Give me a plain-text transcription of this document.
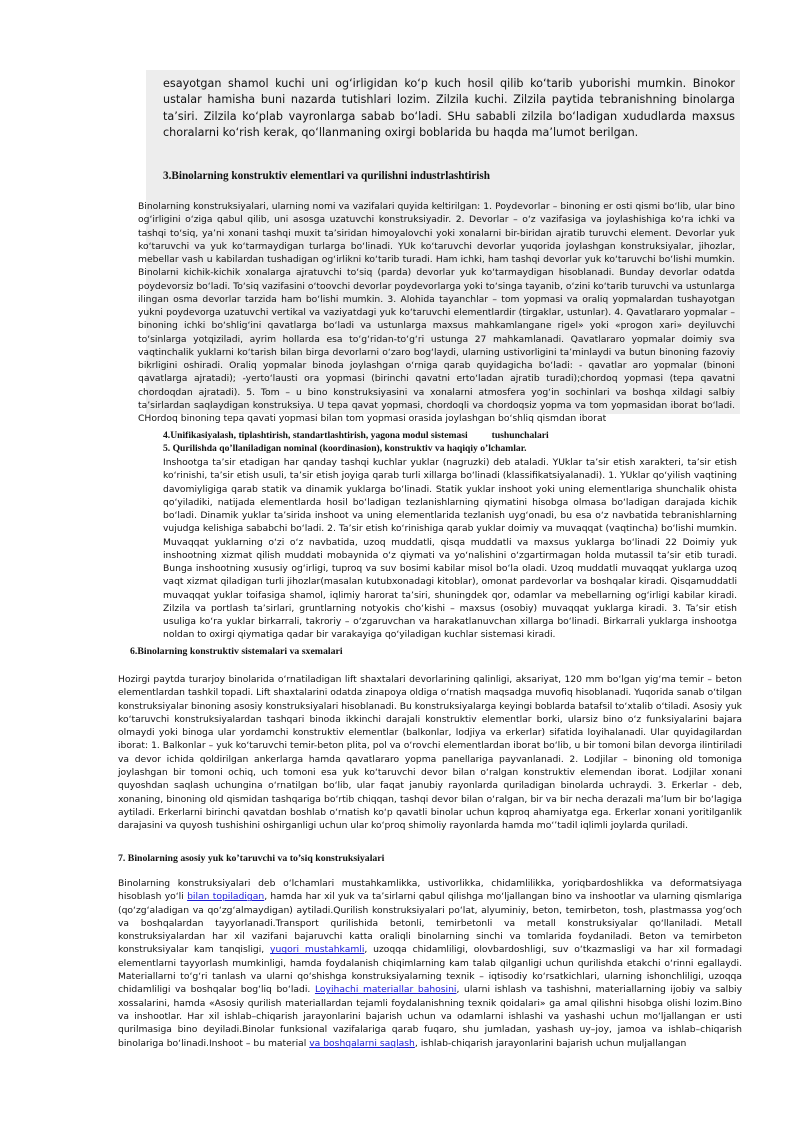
esayotgan shamol kuchi uni og‘irligidan ko‘p kuch hosil qilib ko‘tarib yuborishi mumkin. Binokor ustalar hamisha buni nazarda tutishlari lozim. Zilzila kuchi. Zilzila paytida tebranishning binolarga ta’siri. Zilzila ko‘plab vayronlarga sabab bo‘ladi. SHu sababli zilzila bo‘ladigan xududlarda maxsus choralarni ko‘rish kerak, qo‘llanmaning oxirgi boblarida bu haqda ma’lumot berilgan.

3.Binolarning konstruktiv elementlari va qurilishni industrlashtirish

Binolarning konstruksiyalari, ularning nomi va vazifalari quyida keltirilgan: 1. Poydevorlar – binoning er osti qismi bo‘lib, ular bino og‘irligini o‘ziga qabul qilib, uni asosga uzatuvchi konstruksiyadir. 2. Devorlar – o‘z vazifasiga va joylashishiga ko‘ra ichki va tashqi to‘siq, ya’ni xonani tashqi muxit ta’siridan himoyalovchi yoki xonalarni bir-biridan ajratib turuvchi element. Devorlar yuk ko‘taruvchi va yuk ko‘tarmaydigan turlarga bo‘linadi. YUk ko‘taruvchi devorlar yuqorida joylashgan konstruksiyalar, jihozlar, mebellar vash u kabilardan tushadigan og‘irlikni ko‘tarib turadi. Ham ichki, ham tashqi devorlar yuk ko‘taruvchi bo‘lishi mumkin. Binolarni kichik-kichik xonalarga ajratuvchi to‘siq (parda) devorlar yuk ko‘tarmaydigan hisoblanadi. Bunday devorlar odatda poydevorsiz bo‘ladi. To‘siq vazifasini o‘toovchi devorlar poydevorlarga yoki to‘singa tayanib, o‘zini ko‘tarib turuvchi va ustunlarga ilingan osma devorlar tarzida ham bo‘lishi mumkin. 3. Alohida tayanchlar – tom yopmasi va oraliq yopmalardan tushayotgan yukni poydevorga uzatuvchi vertikal va vaziyatdagi yuk ko‘taruvchi elementlardir (tirgaklar, ustunlar). 4. Qavatlararo yopmalar – binoning ichki bo‘shlig‘ini qavatlarga bo‘ladi va ustunlarga maxsus mahkamlangane rigel» yoki «progon xari» deyiluvchi to‘sinlarga yotqiziladi, ayrim hollarda esa to‘g‘ridan-to‘g‘ri ustunga 27 mahkamlanadi. Qavatlararo yopmalar doimiy sva vaqtinchalik yuklarni ko‘tarish bilan birga devorlarni o‘zaro bog‘laydi, ularning ustivorligini ta’minlaydi va butun binoning fazoviy bikrligini oshiradi. Oraliq yopmalar binoda joylashgan o‘rniga qarab quyidagicha bo‘ladi: - qavatlar aro yopmalar (binoni qavatlarga ajratadi); -yerto‘lausti ora yopmasi (birinchi qavatni erto‘ladan ajratib turadi);chordoq yopmasi (tepa qavatni chordoqdan ajratadi). 5. Tom – u bino konstruksiyasini va xonalarni atmosfera yog‘in sochinlari va boshqa xildagi salbiy ta’sirlardan saqlaydigan konstruksiya. U tepa qavat yopmasi, chordoqli va chordoqsiz yopma va tom yopmasidan iborat bo‘ladi. CHordoq binoning tepa qavati yopmasi bilan tom yopmasi orasida joylashgan bo‘shliq qismdan iborat

4.Unifikasiyalash, tiplashtirish, standartlashtirish, yagona modul sistemasi          tushunchalari

5. Qurilishda qo’llaniladigan nominal (koordinasion), konstruktiv va haqiqiy o’lchamlar.

Inshootga ta’sir etadigan har qanday tashqi kuchlar yuklar (nagruzki) deb ataladi. YUklar ta’sir etish xarakteri, ta’sir etish ko‘rinishi, ta’sir etish usuli, ta’sir etish joyiga qarab turli xillarga bo‘linadi (klassifikatsiyalanadi). 1. YUklar qo‘yilish vaqtining davomiyligiga qarab statik va dinamik yuklarga bo‘linadi. Statik yuklar inshoot yoki uning elementlariga shunchalik ohista qo‘yiladiki, natijada elementlarda hosil bo‘ladigan tezlanishlarning qiymatini hisobga olmasa bo‘ladigan darajada kichik bo‘ladi. Dinamik yuklar ta’sirida inshoot va uning elementlarida tezlanish uyg‘onadi, bu esa o‘z navbatida tebranishlarning vujudga kelishiga sababchi bo‘ladi. 2. Ta’sir etish ko‘rinishiga qarab yuklar doimiy va muvaqqat (vaqtincha) bo‘lishi mumkin. Muvaqqat yuklarning o‘zi o‘z navbatida, uzoq muddatli, qisqa muddatli va maxsus yuklarga bo‘linadi 22 Doimiy yuk inshootning xizmat qilish muddati mobaynida o‘z qiymati va yo‘nalishini o‘zgartirmagan holda mutassil ta’sir etib turadi. Bunga inshootning xususiy og‘irligi, tuproq va suv bosimi kabilar misol bo‘la oladi. Uzoq muddatli muvaqqat yuklarga uzoq vaqt xizmat qiladigan turli jihozlar(masalan kutubxonadagi kitoblar), omonat pardevorlar va boshqalar kiradi. Qisqamuddatli muvaqqat yuklar toifasiga shamol, iqlimiy harorat ta’siri, shuningdek qor, odamlar va mebellarning og‘irligi kabilar kiradi. Zilzila va portlash ta’sirlari, gruntlarning notyokis cho‘kishi – maxsus (osobiy) muvaqqat yuklarga kiradi. 3. Ta’sir etish usuliga ko‘ra yuklar birkarrali, takroriy – o‘zgaruvchan va harakatlanuvchan xillarga bo‘linadi. Birkarrali yuklarga inshootga noldan to oxirgi qiymatiga qadar bir varakayiga qo‘yiladigan kuchlar sistemasi kiradi.

6.Binolarning konstruktiv sistemalari va sxemalari

Hozirgi paytda turarjoy binolarida o‘rnatiladigan lift shaxtalari devorlarining qalinligi, aksariyat, 120 mm bo‘lgan yig‘ma temir – beton elementlardan tashkil topadi. Lift shaxtalarini odatda zinapoya oldiga o‘rnatish maqsadga muvofiq hisoblanadi. Yuqorida sanab o‘tilgan konstruksiyalar binoning asosiy konstruksiyalari hisoblanadi. Bu konstruksiyalarga keyingi boblarda batafsil to‘xtalib o‘tiladi. Asosiy yuk ko‘taruvchi konstruksiyalardan tashqari binoda ikkinchi darajali konstruktiv elementlar borki, ularsiz bino o‘z funksiyalarini bajara olmaydi yoki binoga ular yordamchi konstruktiv elementlar (balkonlar, lodjiya va erkerlar) sifatida loyihalanadi. Ular quyidagilardan iborat: 1. Balkonlar – yuk ko‘taruvchi temir-beton plita, pol va o‘rovchi elementlardan iborat bo‘lib, u bir tomoni bilan devorga ilintiriladi va devor ichida qoldirilgan ankerlarga hamda qavatlararo yopma panellariga payvanlanadi. 2. Lodjilar – binoning old tomoniga joylashgan bir tomoni ochiq, uch tomoni esa yuk ko‘taruvchi devor bilan o‘ralgan konstruktiv elemendan iborat. Lodjilar xonani quyoshdan saqlash uchungina o‘rnatilgan bo‘lib, ular faqat janubiy rayonlarda quriladigan binolarda uchraydi. 3. Erkerlar - deb, xonaning, binoning old qismidan tashqariga bo‘rtib chiqqan, tashqi devor bilan o‘ralgan, bir va bir necha derazali ma’lum bir bo‘lagiga aytiladi. Erkerlarni birinchi qavatdan boshlab o‘rnatish ko‘p qavatli binolar uchun kqproq ahamiyatga ega. Erkerlar xonani yoritilganlik darajasini va quyosh tushishini oshirganligi uchun ular ko‘proq shimoliy rayonlarda hamda mo‘’tadil iqlimli joylarda quriladi.

7. Binolarning asosiy yuk ko’taruvchi va to’siq konstruksiyalari

Binolarning konstruksiyalari deb o‘lchamlari mustahkamlikka, ustivorlikka, chidamlilikka, yoriqbardoshlikka va deformatsiyaga hisoblash yo‘li bilan topiladigan, hamda har xil yuk va ta’sirlarni qabul qilishga mo‘ljallangan bino va inshootlar va ularning qismlariga (qo‘zg‘aladigan va qo‘zg‘almaydigan) aytiladi.Qurilish konstruksiyalari po‘lat, alyuminiy, beton, temirbeton, tosh, plastmassa yog‘och va boshqalardan tayyorlanadi.Transport qurilishida betonli, temirbetonli va metall konstruksiyalar qo‘llaniladi. Metall konstruksiyalardan har xil vazifani bajaruvchi katta oraliqli binolarning sinchi va tomlarida foydaniladi. Beton va temirbeton konstruksiyalar kam tanqisligi, yuqori mustahkamli, uzoqqa chidamliligi, olovbardoshligi, suv o‘tkazmasligi va har xil formadagi elementlarni tayyorlash mumkinligi, hamda foydalanish chiqimlarning kam talab qilganligi uchun qurilishda etakchi o‘rinni egallaydi. Materiallarni to‘g‘ri tanlash va ularni qo‘shishga konstruksiyalarning texnik – iqtisodiy ko‘rsatkichlari, ularning ishonchliligi, uzoqqa chidamliligi va boshqalar bog‘liq bo‘ladi. Loyihachi materiallar bahosini, ularni ishlash va tashishni, materiallarning ijobiy va salbiy xossalarini, hamda «Asosiy qurilish materiallardan tejamli foydalanishning texnik qoidalari» ga amal qilishni hisobga olishi lozim.Bino va inshootlar. Har xil ishlab–chiqarish jarayonlarini bajarish uchun va odamlarni ishlashi va yashashi uchun mo‘ljallangan er usti qurilmasiga bino deyiladi.Binolar funksional vazifalariga qarab fuqaro, shu jumladan, yashash uy–joy, jamoa va ishlab–chiqarish binolariga bo‘linadi.Inshoot – bu material va boshqalarni saqlash, ishlab-chiqarish jarayonlarini bajarish uchun muljallangan
